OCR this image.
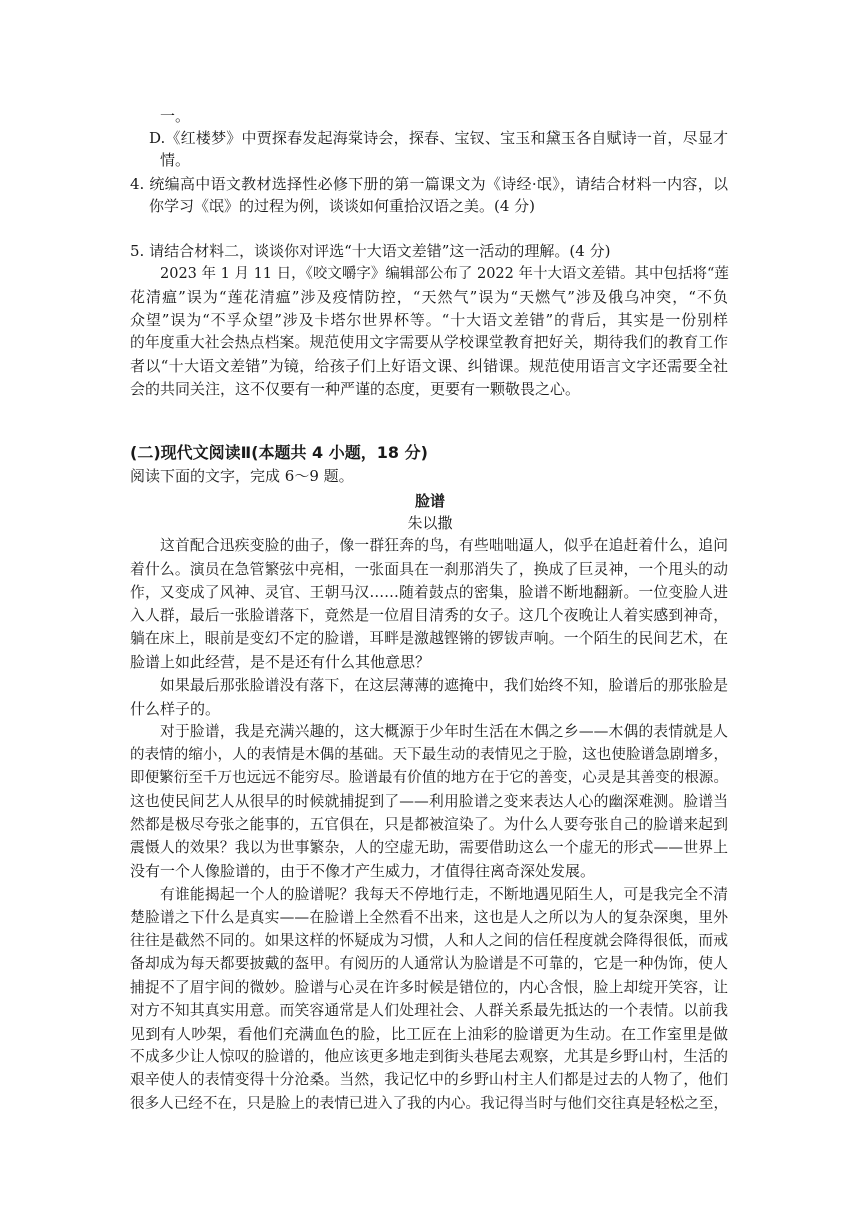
一。
D.《红楼梦》中贾探春发起海棠诗会，探春、宝钗、宝玉和黛玉各自赋诗一首，尽显才
情。
4. 统编高中语文教材选择性必修下册的第一篇课文为《诗经·氓》，请结合材料一内容，以
你学习《氓》的过程为例，谈谈如何重拾汉语之美。(4 分)
5. 请结合材料二，谈谈你对评选“十大语文差错”这一活动的理解。(4 分)
2023 年 1 月 11 日，《咬文嚼字》编辑部公布了 2022 年十大语文差错。其中包括将“莲
花清瘟”误为“莲花清瘟”涉及疫情防控，“天然气”误为“天燃气”涉及俄乌冲突，“不负
众望”误为“不孚众望”涉及卡塔尔世界杯等。“十大语文差错”的背后，其实是一份别样
的年度重大社会热点档案。规范使用文字需要从学校课堂教育把好关，期待我们的教育工作
者以“十大语文差错”为镜，给孩子们上好语文课、纠错课。规范使用语言文字还需要全社
会的共同关注，这不仅要有一种严谨的态度，更要有一颗敬畏之心。
(二)现代文阅读Ⅱ(本题共 4 小题，18 分)
阅读下面的文字，完成 6～9 题。
脸谱
朱以撒
这首配合迅疾变脸的曲子，像一群狂奔的鸟，有些咄咄逼人，似乎在追赶着什么，追问
着什么。演员在急管繁弦中亮相，一张面具在一刹那消失了，换成了巨灵神，一个甩头的动
作，又变成了风神、灵官、王朝马汉……随着鼓点的密集，脸谱不断地翻新。一位变脸人进
入人群，最后一张脸谱落下，竟然是一位眉目清秀的女子。这几个夜晚让人着实感到神奇，
躺在床上，眼前是变幻不定的脸谱，耳畔是激越铿锵的锣钹声响。一个陌生的民间艺术，在
脸谱上如此经营，是不是还有什么其他意思？
如果最后那张脸谱没有落下，在这层薄薄的遮掩中，我们始终不知，脸谱后的那张脸是
什么样子的。
对于脸谱，我是充满兴趣的，这大概源于少年时生活在木偶之乡——木偶的表情就是人
的表情的缩小，人的表情是木偶的基础。天下最生动的表情见之于脸，这也使脸谱急剧增多，
即便繁衍至千万也远远不能穷尽。脸谱最有价值的地方在于它的善变，心灵是其善变的根源。
这也使民间艺人从很早的时候就捕捉到了——利用脸谱之变来表达人心的幽深难测。脸谱当
然都是极尽夸张之能事的，五官俱在，只是都被渲染了。为什么人要夸张自己的脸谱来起到
震慑人的效果？我以为世事繁杂，人的空虚无助，需要借助这么一个虚无的形式——世界上
没有一个人像脸谱的，由于不像才产生威力，才值得往离奇深处发展。
有谁能揭起一个人的脸谱呢？我每天不停地行走，不断地遇见陌生人，可是我完全不清
楚脸谱之下什么是真实——在脸谱上全然看不出来，这也是人之所以为人的复杂深奥，里外
往往是截然不同的。如果这样的怀疑成为习惯，人和人之间的信任程度就会降得很低，而戒
备却成为每天都要披戴的盔甲。有阅历的人通常认为脸谱是不可靠的，它是一种伪饰，使人
捕捉不了眉宇间的微妙。脸谱与心灵在许多时候是错位的，内心含恨，脸上却绽开笑容，让
对方不知其真实用意。而笑容通常是人们处理社会、人群关系最先抵达的一个表情。以前我
见到有人吵架，看他们充满血色的脸，比工匠在上油彩的脸谱更为生动。在工作室里是做
不成多少让人惊叹的脸谱的，他应该更多地走到街头巷尾去观察，尤其是乡野山村，生活的
艰辛使人的表情变得十分沧桑。当然，我记忆中的乡野山村主人们都是过去的人物了，他们
很多人已经不在，只是脸上的表情已进入了我的内心。我记得当时与他们交往真是轻松之至，
